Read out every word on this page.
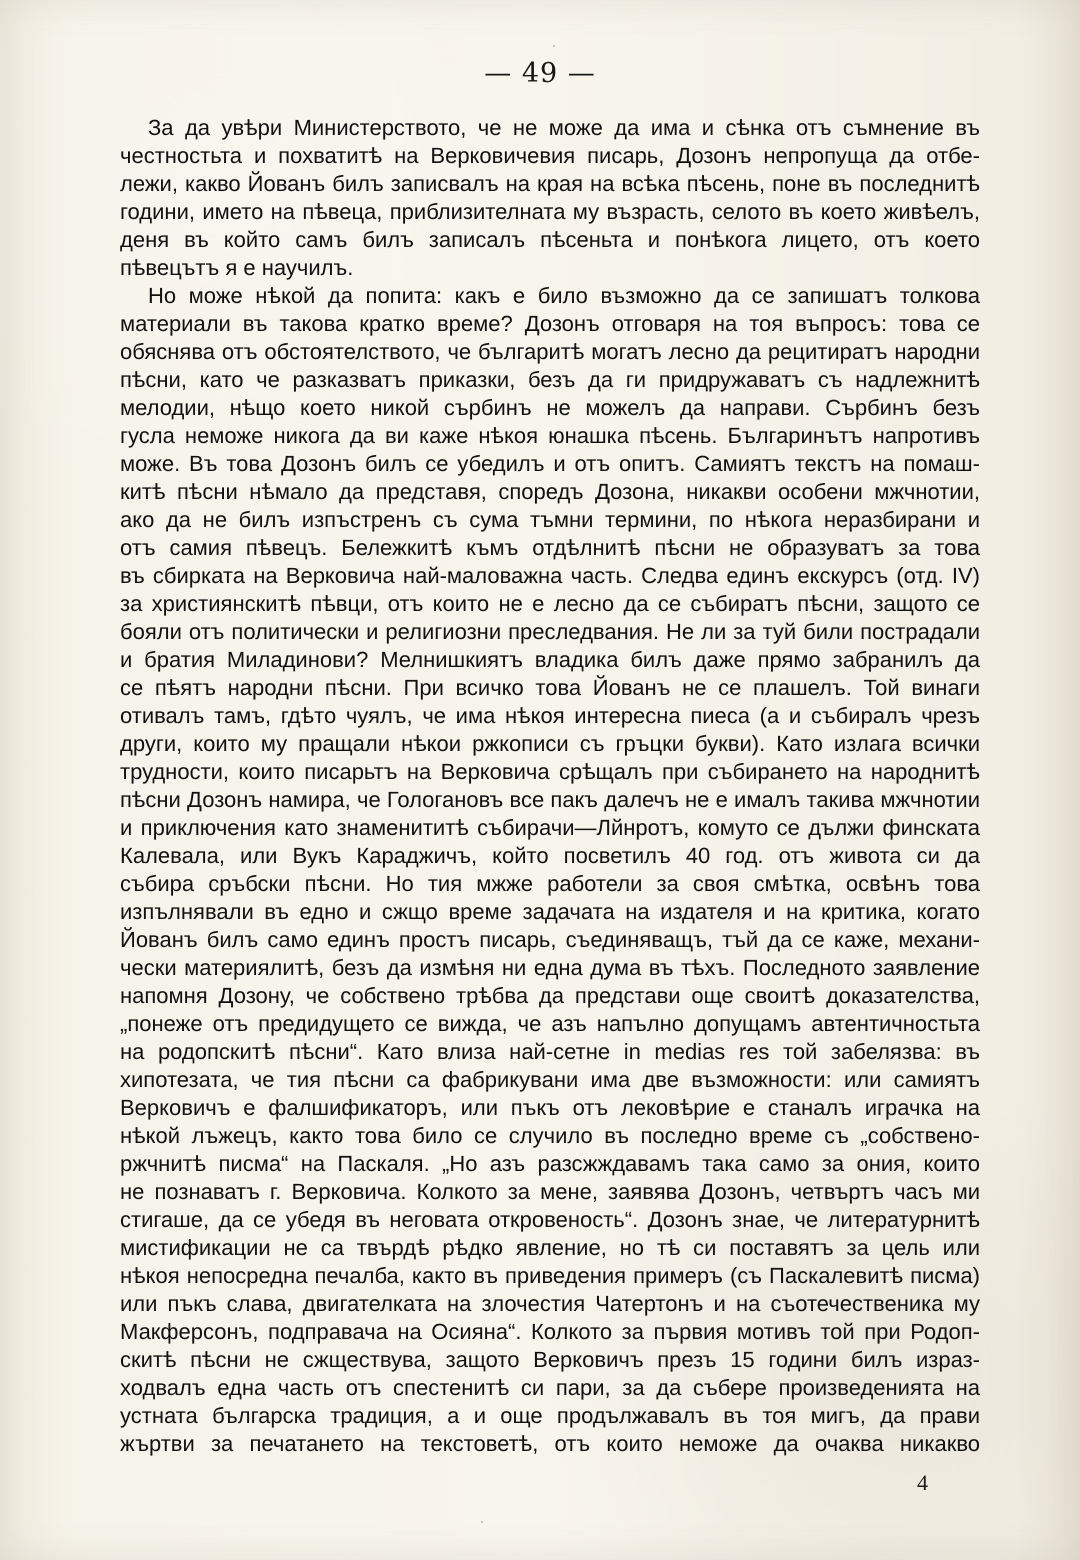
— 49 —
За да увѣри Министерството, че не може да има и сѣнка отъ съмнение въ
честностьта и похватитѣ на Верковичевия писарь, Дозонъ непропуща да отбе-
лежи, какво Йованъ билъ записвалъ на края на всѣка пѣсень, поне въ последнитѣ
години, името на пѣвеца, приблизителната му възрасть, селото въ което живѣелъ,
деня въ който самъ билъ записалъ пѣсеньта и понѣкога лицето, отъ което
пѣвецътъ я е научилъ.
Но може нѣкой да попита: какъ е било възможно да се запишатъ толкова
материали въ такова кратко време? Дозонъ отговаря на тоя въпросъ: това се
обяснява отъ обстоятелството, че българитѣ могатъ лесно да рецитиратъ народни
пѣсни, като че разказватъ приказки, безъ да ги придружаватъ съ надлежнитѣ
мелодии, нѣщо което никой сърбинъ не можелъ да направи. Сърбинъ безъ
гусла неможе никога да ви каже нѣкоя юнашка пѣсень. Българинътъ напротивъ
може. Въ това Дозонъ билъ се убедилъ и отъ опитъ. Самиятъ текстъ на помаш-
китѣ пѣсни нѣмало да представя, споредъ Дозона, никакви особени мжчнотии,
ако да не билъ изпъстренъ съ сума тъмни термини, по нѣкога неразбирани и
отъ самия пѣвецъ. Бележкитѣ къмъ отдѣлнитѣ пѣсни не образуватъ за това
въ сбирката на Верковича най-маловажна часть. Следва единъ екскурсъ (отд. IV)
за християнскитѣ пѣвци, отъ които не е лесно да се събиратъ пѣсни, защото се
бояли отъ политически и религиозни преследвания. Не ли за туй били пострадали
и братия Миладинови? Мелнишкиятъ владика билъ даже прямо забранилъ да
се пѣятъ народни пѣсни. При всичко това Йованъ не се плашелъ. Той винаги
отивалъ тамъ, гдѣто чуялъ, че има нѣкоя интересна пиеса (а и събиралъ чрезъ
други, които му пращали нѣкои ржкописи съ гръцки букви). Като излага всички
трудности, които писарьтъ на Верковича срѣщалъ при събирането на народнитѣ
пѣсни Дозонъ намира, че Гологановъ все пакъ далечъ не е ималъ такива мжчнотии
и приключения като знаменититѣ събирачи—Лйнротъ, комуто се дължи финската
Калевала, или Вукъ Караджичъ, който посветилъ 40 год. отъ живота си да
събира сръбски пѣсни. Но тия мжже работели за своя смѣтка, освѣнъ това
изпълнявали въ едно и сжщо време задачата на издателя и на критика, когато
Йованъ билъ само единъ простъ писарь, съединяващъ, тъй да се каже, механи-
чески материялитѣ, безъ да измѣня ни една дума въ тѣхъ. Последното заявление
напомня Дозону, че собствено трѣбва да представи още своитѣ доказателства,
„понеже отъ предидущето се вижда, че азъ напълно допущамъ автентичностьта
на родопскитѣ пѣсни“. Като влиза най-сетне in medias res той забелязва: въ
хипотезата, че тия пѣсни са фабрикувани има две възможности: или самиятъ
Верковичъ е фалшификаторъ, или пъкъ отъ лековѣрие е станалъ играчка на
нѣкой лъжецъ, както това било се случило въ последно време съ „собствено-
ржчнитѣ писма“ на Паскаля. „Но азъ разсжждавамъ така само за ония, които
не познаватъ г. Верковича. Колкото за мене, заявява Дозонъ, четвъртъ часъ ми
стигаше, да се убедя въ неговата откровеность“. Дозонъ знае, че литературнитѣ
мистификации не са твърдѣ рѣдко явление, но тѣ си поставятъ за цель или
нѣкоя непосредна печалба, както въ приведения примеръ (съ Паскалевитѣ писма)
или пъкъ слава, двигателката на злочестия Чатертонъ и на съотечественика му
Макферсонъ, подправача на Осияна“. Колкото за първия мотивъ той при Родоп-
скитѣ пѣсни не сжществува, защото Верковичъ презъ 15 години билъ израз-
ходвалъ една часть отъ спестенитѣ си пари, за да събере произведенията на
устната българска традиция, а и още продължавалъ въ тоя мигъ, да прави
жъртви за печатането на текстоветѣ, отъ които неможе да очаква никакво
4
